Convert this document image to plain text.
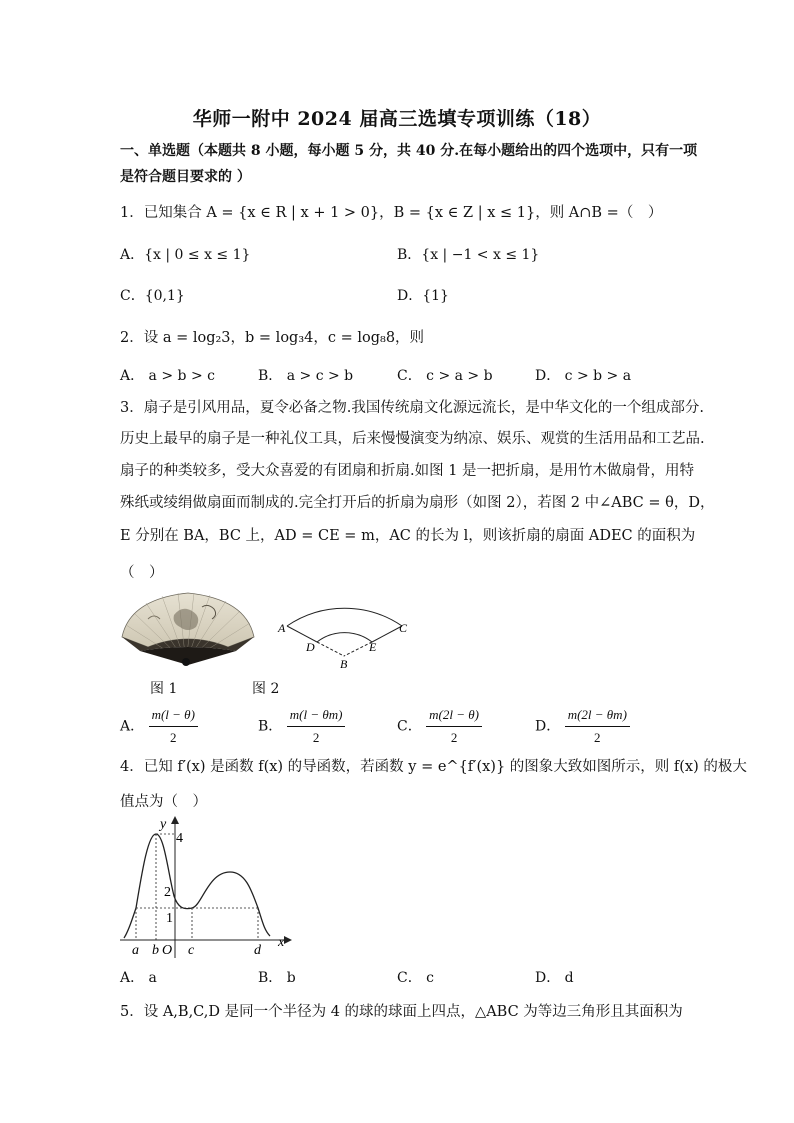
华师一附中 2024 届高三选填专项训练（18）
一、单选题（本题共 8 小题，每小题 5 分，共 40 分.在每小题给出的四个选项中，只有一项
是符合题目要求的 ）
1．已知集合 A = {x ∈ R | x + 1 > 0}，B = {x ∈ Z | x ≤ 1}，则 A∩B =（　）
A．{x | 0 ≤ x ≤ 1}	B．{x | −1 < x ≤ 1}
C．{0,1}	D．{1}
2．设 a = log₂3，b = log₃4，c = log₈8，则
A． a > b > c	B． a > c > b	C． c > a > b	D． c > b > a
3．扇子是引风用品，夏令必备之物.我国传统扇文化源远流长，是中华文化的一个组成部分.
历史上最早的扇子是一种礼仪工具，后来慢慢演变为纳凉、娱乐、观赏的生活用品和工艺品.
扇子的种类较多，受大众喜爱的有团扇和折扇.如图 1 是一把折扇，是用竹木做扇骨，用特
殊纸或绫绢做扇面而制成的.完全打开后的折扇为扇形（如图 2），若图 2 中∠ABC = θ，D，
E 分别在 BA，BC 上，AD = CE = m，AC 的长为 l，则该折扇的扇面 ADEC 的面积为
（　）
图 1
A	C
D	E
B
图 2
A． $\frac{m(l - \theta)}{2}$	B． $\frac{m(l - \theta m)}{2}$	C． $\frac{m(2l - \theta)}{2}$	D． $\frac{m(2l - \theta m)}{2}$
4．已知 f′(x) 是函数 f(x) 的导函数，若函数 y = e^{f′(x)} 的图象大致如图所示，则 f(x) 的极大
值点为（　）
y
x
4
2
1
a b O c	d
A． a	B． b	C． c	D． d
5．设 A,B,C,D 是同一个半径为 4 的球的球面上四点，△ABC 为等边三角形且其面积为
